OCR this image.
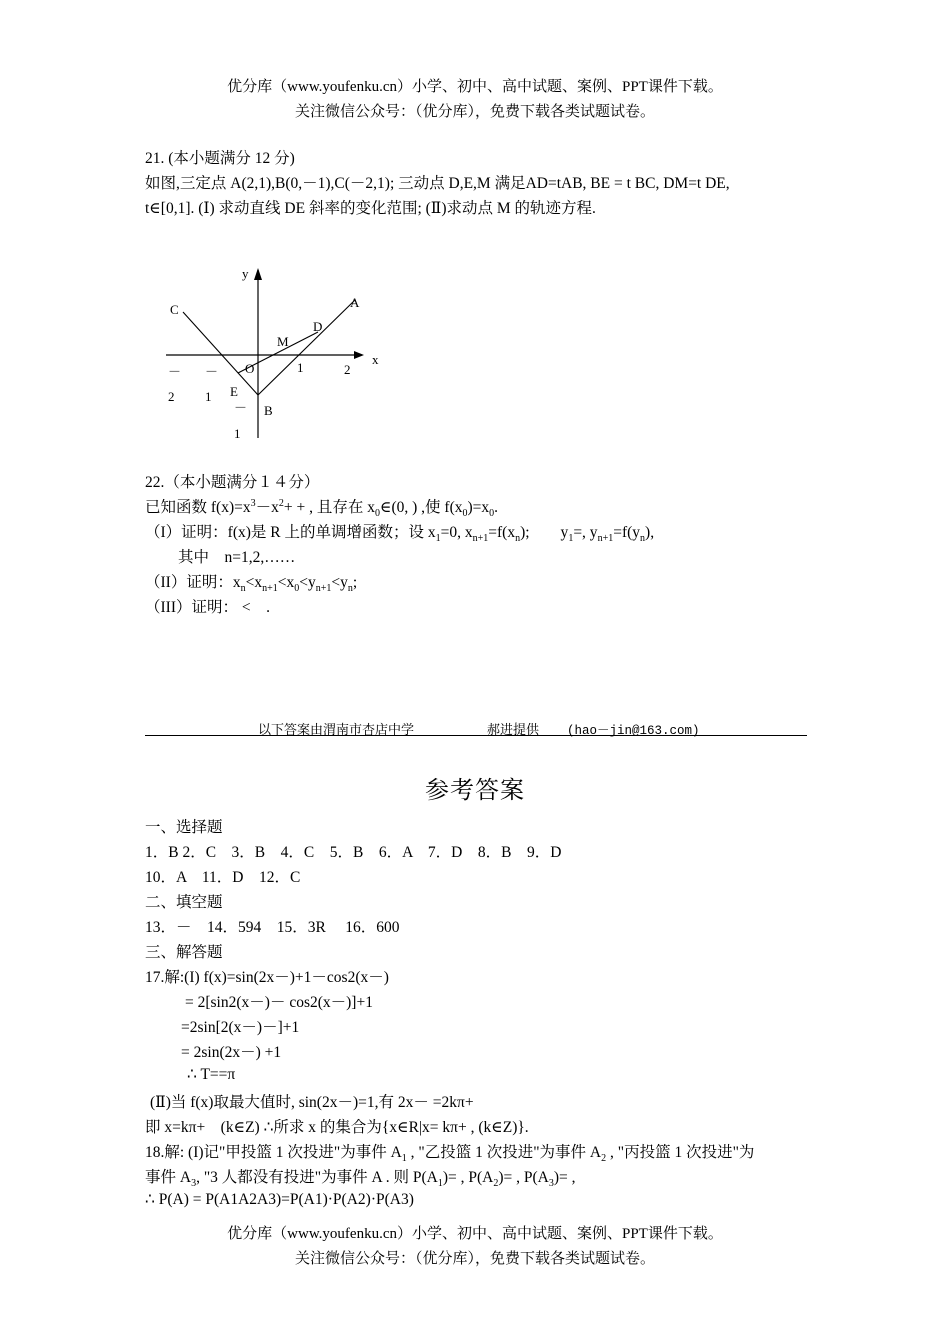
优分库（www.youfenku.cn）小学、初中、高中试题、案例、PPT课件下载。
关注微信公众号：（优分库），免费下载各类试题试卷。
21. (本小题满分 12 分)
如图,三定点 A(2,1),B(0,－1),C(－2,1); 三动点 D,E,M 满足AD=tAB, BE = t BC, DM=t DE,
t∈[0,1]. (Ⅰ) 求动直线 DE 斜率的变化范围; (Ⅱ)求动点 M 的轨迹方程.
y
x
C	A
D
M
O
E
B
－
2
－
1
1	2
－
1
22.（本小题满分１４分）
已知函数 $f(x)=x^3-x^2+$ + , 且存在 $x_0\in(0$, ) ,使 $f(x_0)=x_0$.
（I）证明：f(x)是 R 上的单调增函数；设 $x_1=0$, $x_{n+1}=f(x_n)$;　　$y_1=$, $y_{n+1}=f(y_n)$,
其中　n=1,2,……
（II）证明：$x_n<x_{n+1}<x_0<y_{n+1}<y_n$;
（III）证明： <　.
以下答案由渭南市杏店中学	郝进提供 (hao－jin@163.com)
参考答案
一、选择题
1．B 2．C　3．B　4．C　5．B　6．A　7．D　8．B　9．D
10．A　11．D　12．C
二、填空题
13．－　14．594　15．3R　 16．600
三、解答题
17.解:(I) f(x)=sin(2x－)+1－cos2(x－)
= 2[sin2(x－)－ cos2(x－)]+1
=2sin[2(x－)－]+1
= 2sin(2x－) +1
∴ T==π
(Ⅱ)当 f(x)取最大值时, sin(2x－)=1,有 2x－ =2kπ+
即 x=kπ+　(k∈Z) ∴所求 x 的集合为{x∈R|x= kπ+ , (k∈Z)}.
18.解: (I)记"甲投篮 1 次投进"为事件 $A_1$ , "乙投篮 1 次投进"为事件 $A_2$ , "丙投篮 1 次投进"为
事件 $A_3$, "3 人都没有投进"为事件 A . 则 $P(A_1)=$ , $P(A_2)=$ , $P(A_3)=$ ,
∴ P(A) = P(A1A2A3)=P(A1)·P(A2)·P(A3)
优分库（www.youfenku.cn）小学、初中、高中试题、案例、PPT课件下载。
关注微信公众号：（优分库），免费下载各类试题试卷。
